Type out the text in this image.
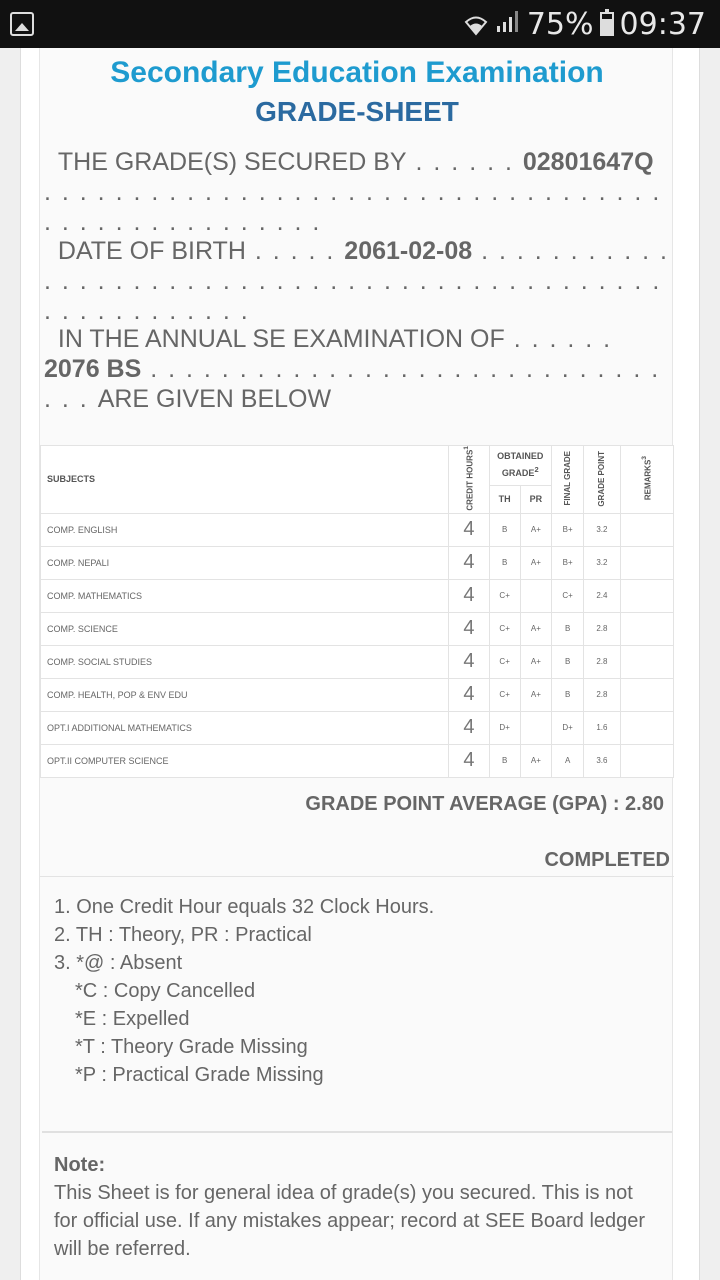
75% 09:37
Secondary Education Examination
GRADE-SHEET
THE GRADE(S) SECURED BY . . . . . . 02801647Q . . . . . . . . . . . . . . . . . . . . . . . . . . . . . . . . . . . . . . . . . . . . . . . . . . .
DATE OF BIRTH . . . . . 2061-02-08 . . . . . . . . . . . . . . . . . . . . . . . . . . . . . . . . . . . . . . . . . . . . . . . . . . . . . . . . . .
IN THE ANNUAL SE EXAMINATION OF . . . . . . 2076 BS . . . . . . . . . . . . . . . . . . . . . . . . . . . . . . . . ARE GIVEN BELOW
SUBJECTS	CREDIT HOURS$^1$	OBTAINED GRADE$^2$		FINAL GRADE	GRADE POINT	REMARKS$^3$
		TH	PR			
COMP. ENGLISH	4	B	A+	B+	3.2	
COMP. NEPALI	4	B	A+	B+	3.2	
COMP. MATHEMATICS	4	C+		C+	2.4	
COMP. SCIENCE	4	C+	A+	B	2.8	
COMP. SOCIAL STUDIES	4	C+	A+	B	2.8	
COMP. HEALTH, POP & ENV EDU	4	C+	A+	B	2.8	
OPT.I ADDITIONAL MATHEMATICS	4	D+		D+	1.6	
OPT.II COMPUTER SCIENCE	4	B	A+	A	3.6	
GRADE POINT AVERAGE (GPA) : 2.80
COMPLETED
1. One Credit Hour equals 32 Clock Hours.
2. TH : Theory, PR : Practical
3. *@ : Absent
*C : Copy Cancelled
*E : Expelled
*T : Theory Grade Missing
*P : Practical Grade Missing
Note:
This Sheet is for general idea of grade(s) you secured. This is not for official use. If any mistakes appear; record at SEE Board ledger will be referred.
